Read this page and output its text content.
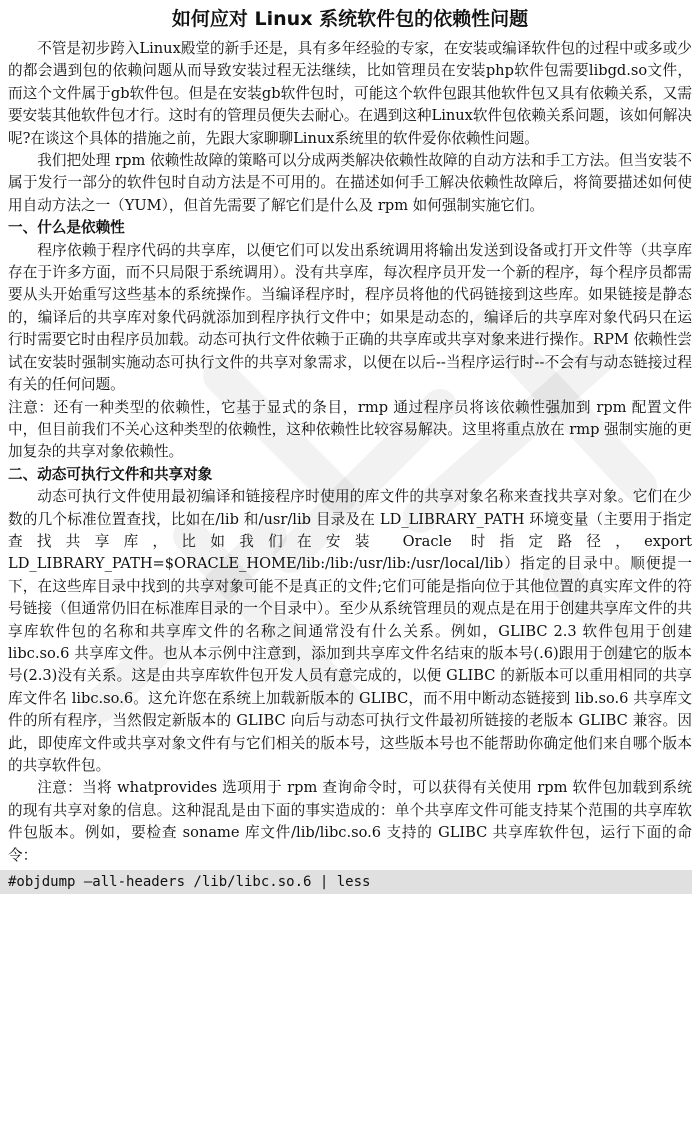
如何应对 Linux 系统软件包的依赖性问题

不管是初步跨入Linux殿堂的新手还是，具有多年经验的专家，在安装或编译软件包的过程中或多或少的都会遇到包的依赖问题从而导致安装过程无法继续，比如管理员在安装php软件包需要libgd.so文件，而这个文件属于gb软件包。但是在安装gb软件包时，可能这个软件包跟其他软件包又具有依赖关系，又需要安装其他软件包才行。这时有的管理员便失去耐心。在遇到这种Linux软件包依赖关系问题，该如何解决呢?在谈这个具体的措施之前，先跟大家聊聊Linux系统里的软件爱你依赖性问题。

我们把处理 rpm 依赖性故障的策略可以分成两类解决依赖性故障的自动方法和手工方法。但当安装不属于发行一部分的软件包时自动方法是不可用的。在描述如何手工解决依赖性故障后，将简要描述如何使用自动方法之一（YUM），但首先需要了解它们是什么及 rpm 如何强制实施它们。

一、什么是依赖性

程序依赖于程序代码的共享库，以便它们可以发出系统调用将输出发送到设备或打开文件等（共享库存在于许多方面，而不只局限于系统调用）。没有共享库，每次程序员开发一个新的程序，每个程序员都需要从头开始重写这些基本的系统操作。当编译程序时，程序员将他的代码链接到这些库。如果链接是静态的，编译后的共享库对象代码就添加到程序执行文件中；如果是动态的，编译后的共享库对象代码只在运行时需要它时由程序员加载。动态可执行文件依赖于正确的共享库或共享对象来进行操作。RPM 依赖性尝试在安装时强制实施动态可执行文件的共享对象需求，以便在以后--当程序运行时--不会有与动态链接过程有关的任何问题。

注意：还有一种类型的依赖性，它基于显式的条目，rmp 通过程序员将该依赖性强加到 rpm 配置文件中，但目前我们不关心这种类型的依赖性，这种依赖性比较容易解决。这里将重点放在 rmp 强制实施的更加复杂的共享对象依赖性。

二、动态可执行文件和共享对象

动态可执行文件使用最初编译和链接程序时使用的库文件的共享对象名称来查找共享对象。它们在少数的几个标准位置查找，比如在/lib 和/usr/lib 目录及在 LD_LIBRARY_PATH 环境变量（主要用于指定查找共享库，比如我们在安装 Oracle 时指定路径，export LD_LIBRARY_PATH=$ORACLE_HOME/lib:/lib:/usr/lib:/usr/local/lib）指定的目录中。顺便提一下，在这些库目录中找到的共享对象可能不是真正的文件;它们可能是指向位于其他位置的真实库文件的符号链接（但通常仍旧在标准库目录的一个目录中）。至少从系统管理员的观点是在用于创建共享库文件的共享库软件包的名称和共享库文件的名称之间通常没有什么关系。例如，GLIBC 2.3 软件包用于创建 libc.so.6 共享库文件。也从本示例中注意到，添加到共享库文件名结束的版本号(.6)跟用于创建它的版本号(2.3)没有关系。这是由共享库软件包开发人员有意完成的，以便 GLIBC 的新版本可以重用相同的共享库文件名 libc.so.6。这允许您在系统上加载新版本的 GLIBC，而不用中断动态链接到 lib.so.6 共享库文件的所有程序，当然假定新版本的 GLIBC 向后与动态可执行文件最初所链接的老版本 GLIBC 兼容。因此，即使库文件或共享对象文件有与它们相关的版本号，这些版本号也不能帮助你确定他们来自哪个版本的共享软件包。

注意：当将 whatprovides 选项用于 rpm 查询命令时，可以获得有关使用 rpm 软件包加载到系统的现有共享对象的信息。这种混乱是由下面的事实造成的：单个共享库文件可能支持某个范围的共享库软件包版本。例如，要检查 soname 库文件/lib/libc.so.6 支持的 GLIBC 共享库软件包，运行下面的命令：

#objdump —all-headers /lib/libc.so.6 | less
